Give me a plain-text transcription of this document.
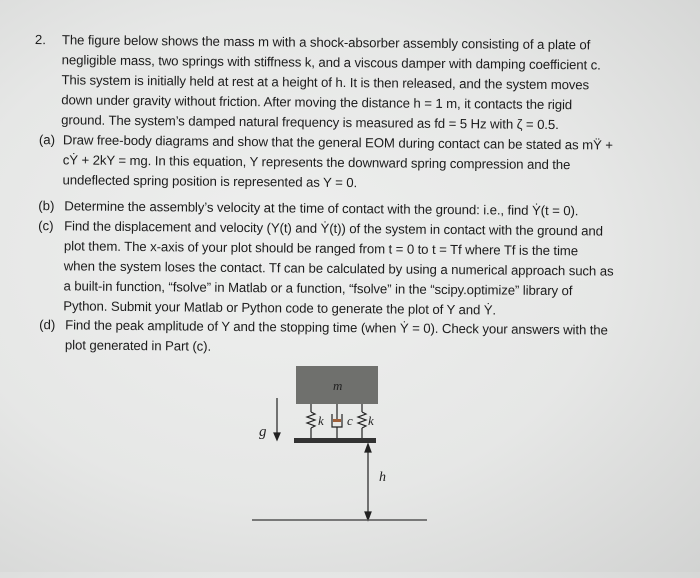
2. The figure below shows the mass m with a shock-absorber assembly consisting of a plate of
negligible mass, two springs with stiffness k, and a viscous damper with damping coefficient c.
This system is initially held at rest at a height of h. It is then released, and the system moves
down under gravity without friction. After moving the distance h = 1 m, it contacts the rigid
ground. The system’s damped natural frequency is measured as fd = 5 Hz with ζ = 0.5.
(a) Draw free-body diagrams and show that the general EOM during contact can be stated as mŸ +
cẎ + 2kY = mg. In this equation, Y represents the downward spring compression and the
undeflected spring position is represented as Y = 0.
(b) Determine the assembly’s velocity at the time of contact with the ground: i.e., find Ẏ(t = 0).
(c) Find the displacement and velocity (Y(t) and Ẏ(t)) of the system in contact with the ground and
plot them. The x-axis of your plot should be ranged from t = 0 to t = Tf where Tf is the time
when the system loses the contact. Tf can be calculated by using a numerical approach such as
a built-in function, “fsolve” in Matlab or a function, “fsolve” in the “scipy.optimize” library of
Python. Submit your Matlab or Python code to generate the plot of Y and Ẏ.
(d) Find the peak amplitude of Y and the stopping time (when Ẏ = 0). Check your answers with the
plot generated in Part (c).
m
k c k
g
h
